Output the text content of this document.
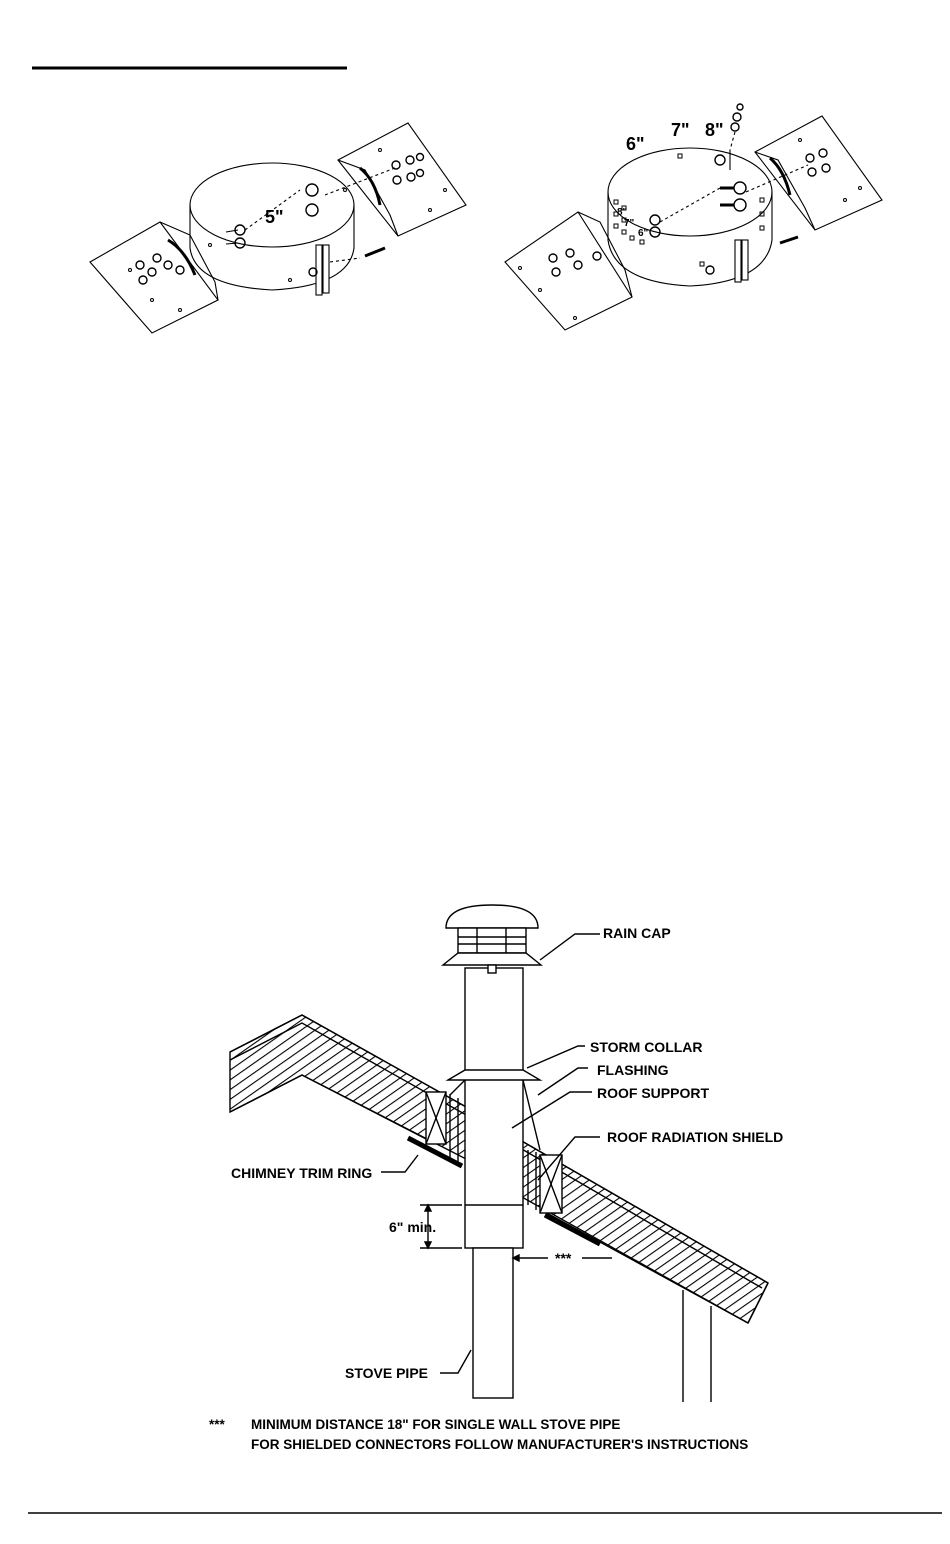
5"
6"
7" 8"
8"
7"
6"
RAIN CAP
STORM COLLAR
FLASHING
ROOF SUPPORT
ROOF RADIATION SHIELD
CHIMNEY TRIM RING
6" min.
***
STOVE PIPE
*** MINIMUM DISTANCE 18" FOR SINGLE WALL STOVE PIPE
FOR SHIELDED CONNECTORS FOLLOW MANUFACTURER'S INSTRUCTIONS
